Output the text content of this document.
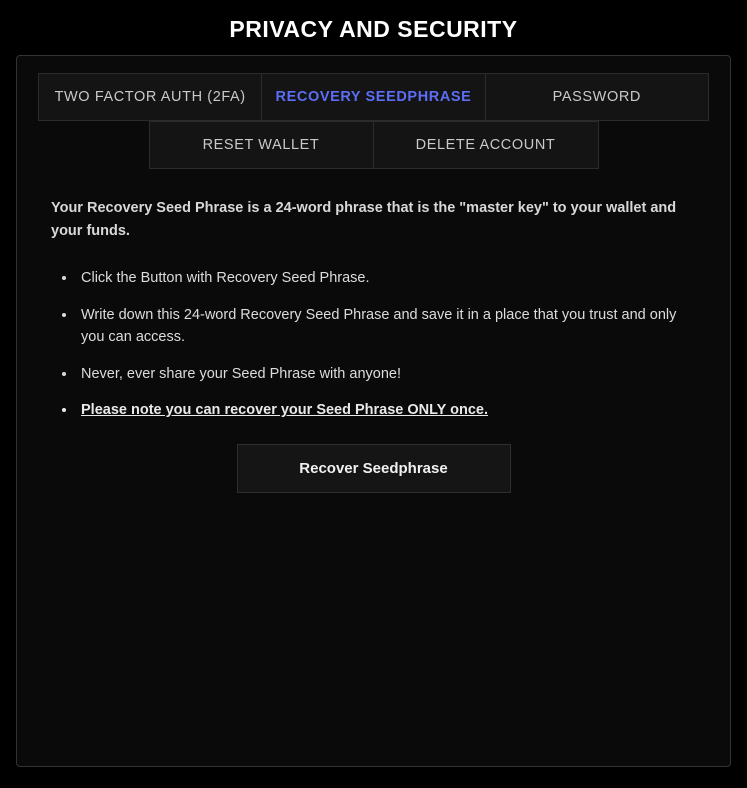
PRIVACY AND SECURITY
TWO FACTOR AUTH (2FA)	RECOVERY SEEDPHRASE	PASSWORD
RESET WALLET	DELETE ACCOUNT

Your Recovery Seed Phrase is a 24-word phrase that is the "master key" to your wallet and your funds.

• Click the Button with Recovery Seed Phrase.
• Write down this 24-word Recovery Seed Phrase and save it in a place that you trust and only you can access.
• Never, ever share your Seed Phrase with anyone!
• Please note you can recover your Seed Phrase ONLY once.
Recover Seedphrase
